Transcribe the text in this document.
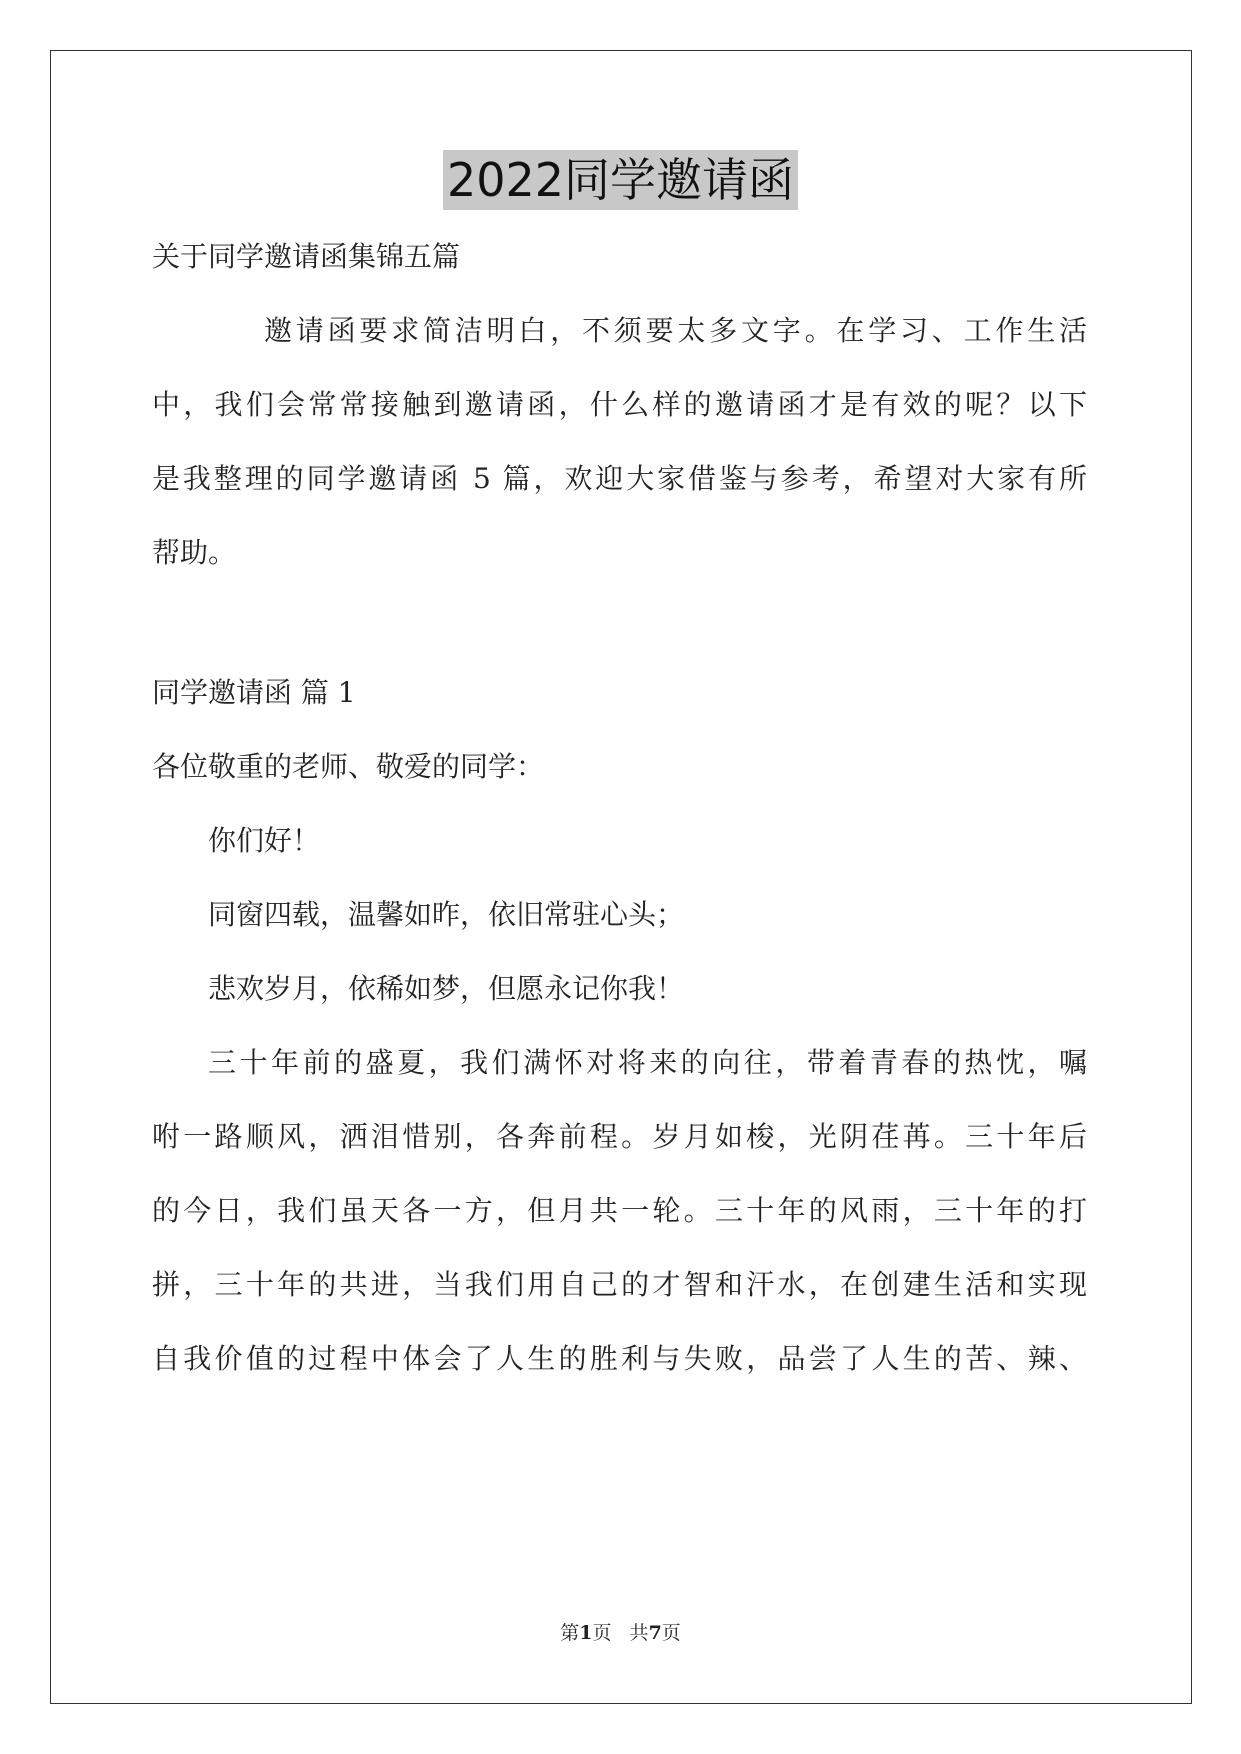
2022同学邀请函
关于同学邀请函集锦五篇
邀请函要求简洁明白，不须要太多文字。在学习、工作生活
中，我们会常常接触到邀请函，什么样的邀请函才是有效的呢？以下
是我整理的同学邀请函 5 篇，欢迎大家借鉴与参考，希望对大家有所
帮助。
同学邀请函 篇 1
各位敬重的老师、敬爱的同学：
你们好！
同窗四载，温馨如昨，依旧常驻心头；
悲欢岁月，依稀如梦，但愿永记你我！
三十年前的盛夏，我们满怀对将来的向往，带着青春的热忱，嘱
咐一路顺风，洒泪惜别，各奔前程。岁月如梭，光阴荏苒。三十年后
的今日，我们虽天各一方，但月共一轮。三十年的风雨，三十年的打
拼，三十年的共进，当我们用自己的才智和汗水，在创建生活和实现
自我价值的过程中体会了人生的胜利与失败，品尝了人生的苦、辣、
第1页   共7页
